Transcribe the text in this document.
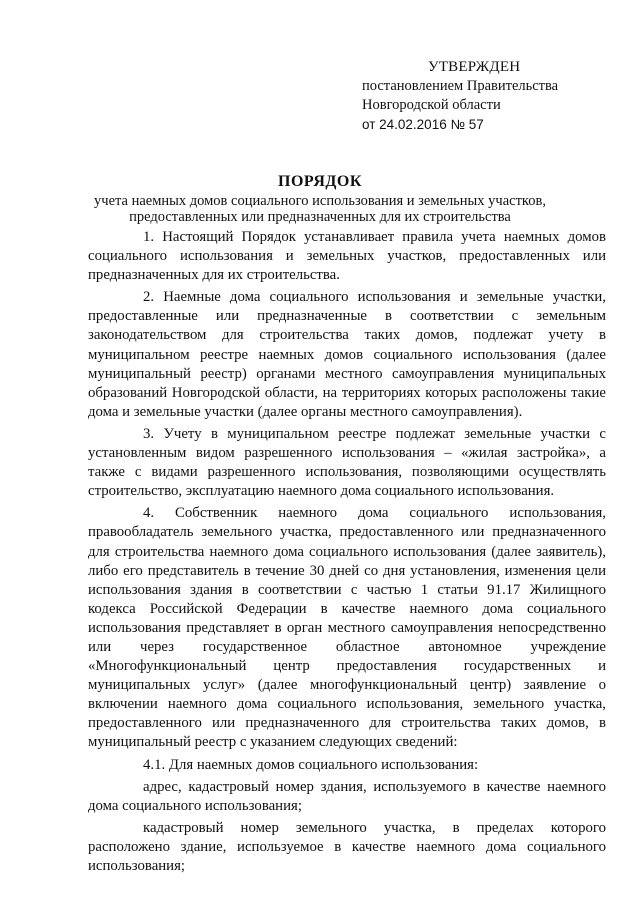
УТВЕРЖДЕН
постановлением Правительства
Новгородской области
от 24.02.2016 № 57
ПОРЯДОК
учета наемных домов социального использования и земельных участков,
предоставленных или предназначенных для их строительства

1. Настоящий Порядок устанавливает правила учета наемных домов социального использования и земельных участков, предоставленных или предназначенных для их строительства.

2. Наемные дома социального использования и земельные участки, предоставленные или предназначенные в соответствии с земельным законодательством для строительства таких домов, подлежат учету в муниципальном реестре наемных домов социального использования (далее муниципальный реестр) органами местного самоуправления муниципальных образований Новгородской области, на территориях которых расположены такие дома и земельные участки (далее органы местного самоуправления).

3. Учету в муниципальном реестре подлежат земельные участки с установленным видом разрешенного использования – «жилая застройка», а также с видами разрешенного использования, позволяющими осуществлять строительство, эксплуатацию наемного дома социального использования.

4. Собственник наемного дома социального использования, правообладатель земельного участка, предоставленного или предназначенного для строительства наемного дома социального использования (далее заявитель), либо его представитель в течение 30 дней со дня установления, изменения цели использования здания в соответствии с частью 1 статьи 91.17 Жилищного кодекса Российской Федерации в качестве наемного дома социального использования представляет в орган местного самоуправления непосредственно или через государственное областное автономное учреждение «Многофункциональный центр предоставления государственных и муниципальных услуг» (далее многофункциональный центр) заявление о включении наемного дома социального использования, земельного участка, предоставленного или предназначенного для строительства таких домов, в муниципальный реестр с указанием следующих сведений:

4.1. Для наемных домов социального использования:

адрес, кадастровый номер здания, используемого в качестве наемного дома социального использования;

кадастровый номер земельного участка, в пределах которого расположено здание, используемое в качестве наемного дома социального использования;
